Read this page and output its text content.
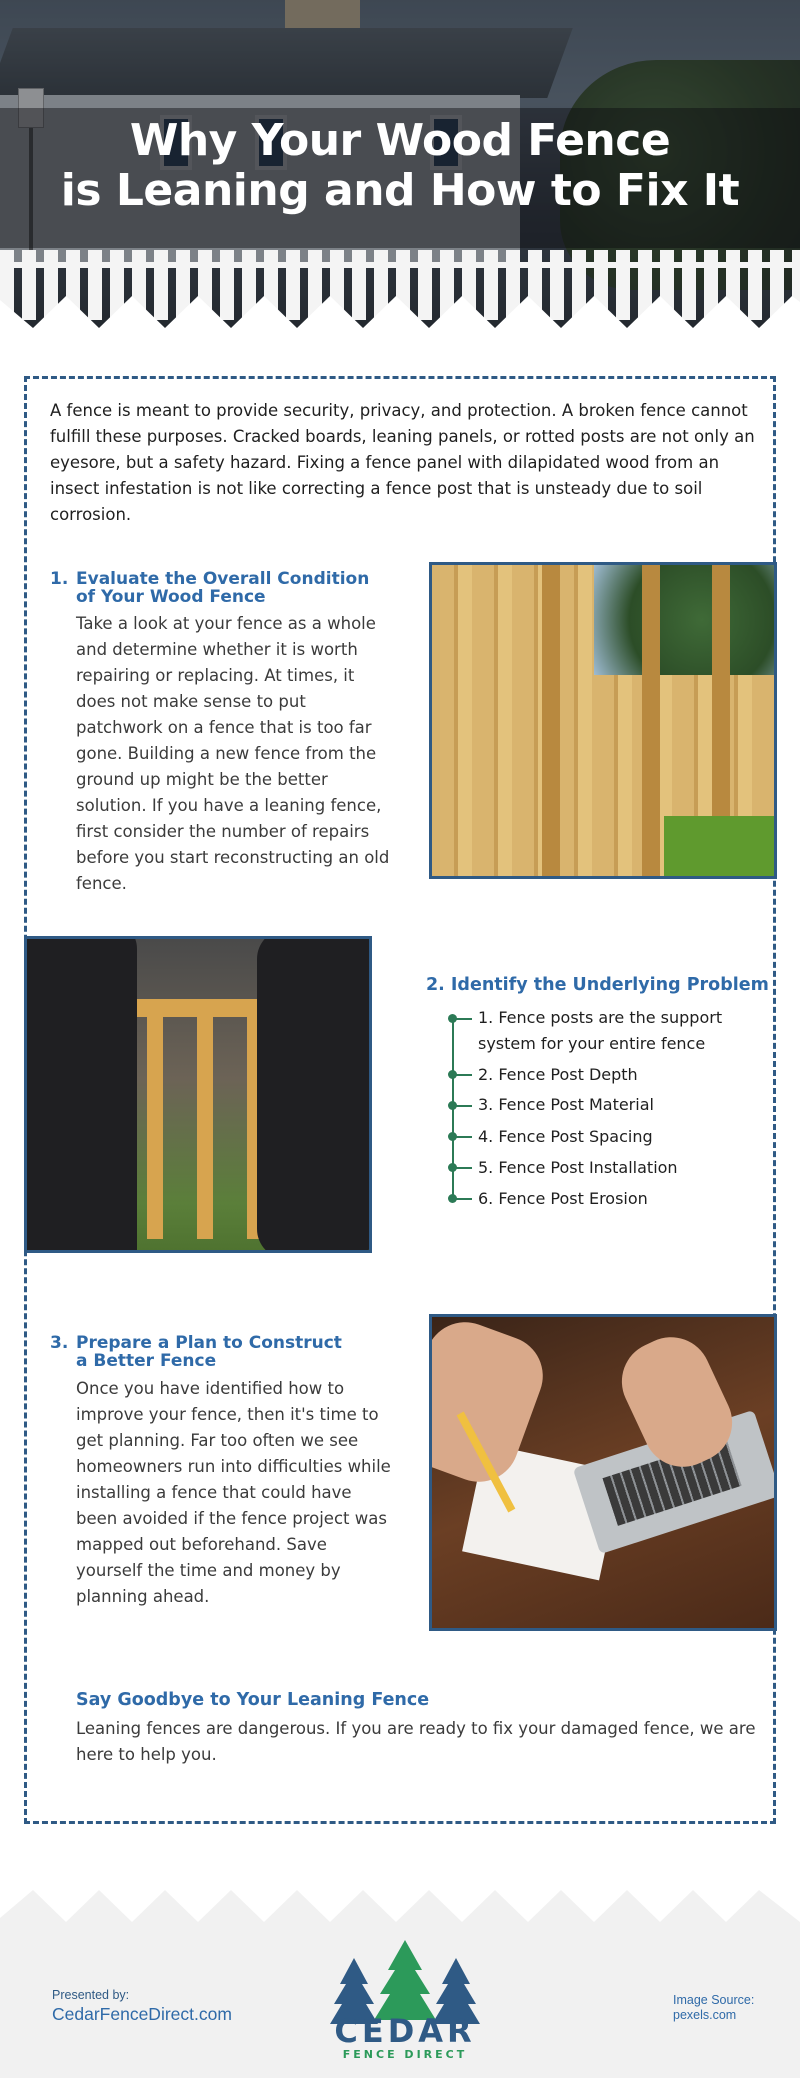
Why Your Wood Fence
is Leaning and How to Fix It

A fence is meant to provide security, privacy, and protection. A broken fence cannot fulfill these purposes. Cracked boards, leaning panels, or rotted posts are not only an eyesore, but a safety hazard. Fixing a fence panel with dilapidated wood from an insect infestation is not like correcting a fence post that is unsteady due to soil corrosion.

1. Evaluate the Overall Condition
of Your Wood Fence

Take a look at your fence as a whole and determine whether it is worth repairing or replacing. At times, it does not make sense to put patchwork on a fence that is too far gone. Building a new fence from the ground up might be the better solution. If you have a leaning fence, first consider the number of repairs before you start reconstructing an old fence.

2. Identify the Underlying Problem
1. Fence posts are the support system for your entire fence
2. Fence Post Depth
3. Fence Post Material
4. Fence Post Spacing
5. Fence Post Installation
6. Fence Post Erosion
3. Prepare a Plan to Construct
a Better Fence

Once you have identified how to improve your fence, then it's time to get planning. Far too often we see homeowners run into difficulties while installing a fence that could have been avoided if the fence project was mapped out beforehand. Save yourself the time and money by planning ahead.

Say Goodbye to Your Leaning Fence

Leaning fences are dangerous. If you are ready to fix your damaged fence, we are here to help you.

Presented by:
CedarFenceDirect.com	CEDAR
FENCE DIRECT
Image Source:
pexels.com
